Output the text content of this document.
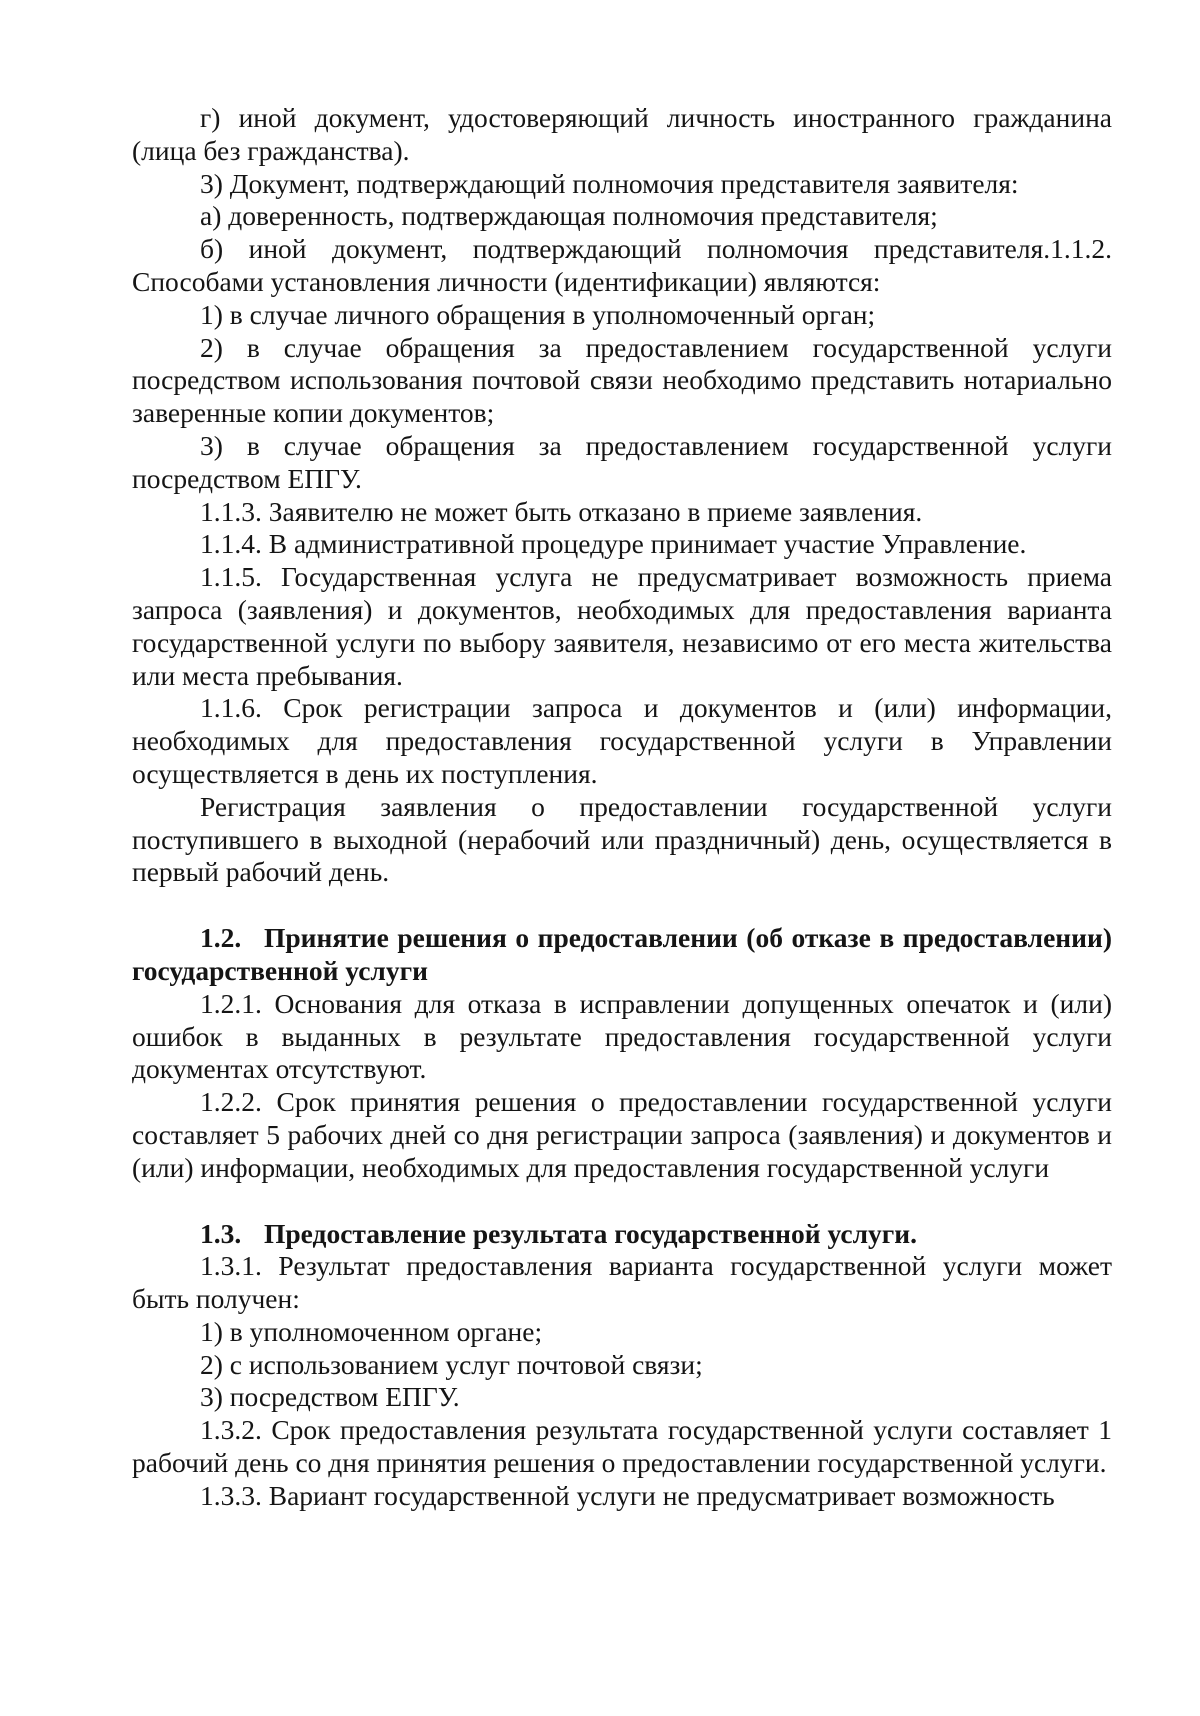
г) иной документ, удостоверяющий личность иностранного гражданина (лица без гражданства).

3) Документ, подтверждающий полномочия представителя заявителя:

а) доверенность, подтверждающая полномочия представителя;

б) иной документ, подтверждающий полномочия представителя.1.1.2. Способами установления личности (идентификации) являются:

1) в случае личного обращения в уполномоченный орган;

2) в случае обращения за предоставлением государственной услуги посредством использования почтовой связи необходимо представить нотариально заверенные копии документов;

3) в случае обращения за предоставлением государственной услуги посредством ЕПГУ.

1.1.3. Заявителю не может быть отказано в приеме заявления.

1.1.4. В административной процедуре принимает участие Управление.

1.1.5. Государственная услуга не предусматривает возможность приема запроса (заявления) и документов, необходимых для предоставления варианта государственной услуги по выбору заявителя, независимо от его места жительства или места пребывания.

1.1.6. Срок регистрации запроса и документов и (или) информации, необходимых для предоставления государственной услуги в Управлении осуществляется в день их поступления.

Регистрация заявления о предоставлении государственной услуги поступившего в выходной (нерабочий или праздничный) день, осуществляется в первый рабочий день.

1.2. Принятие решения о предоставлении (об отказе в предоставлении) государственной услуги

1.2.1. Основания для отказа в исправлении допущенных опечаток и (или) ошибок в выданных в результате предоставления государственной услуги документах отсутствуют.

1.2.2. Срок принятия решения о предоставлении государственной услуги составляет 5 рабочих дней со дня регистрации запроса (заявления) и документов и (или) информации, необходимых для предоставления государственной услуги

1.3. Предоставление результата государственной услуги.

1.3.1. Результат предоставления варианта государственной услуги может быть получен:

1) в уполномоченном органе;

2) с использованием услуг почтовой связи;

3) посредством ЕПГУ.

1.3.2. Срок предоставления результата государственной услуги составляет 1 рабочий день со дня принятия решения о предоставлении государственной услуги.

1.3.3. Вариант государственной услуги не предусматривает возможность
